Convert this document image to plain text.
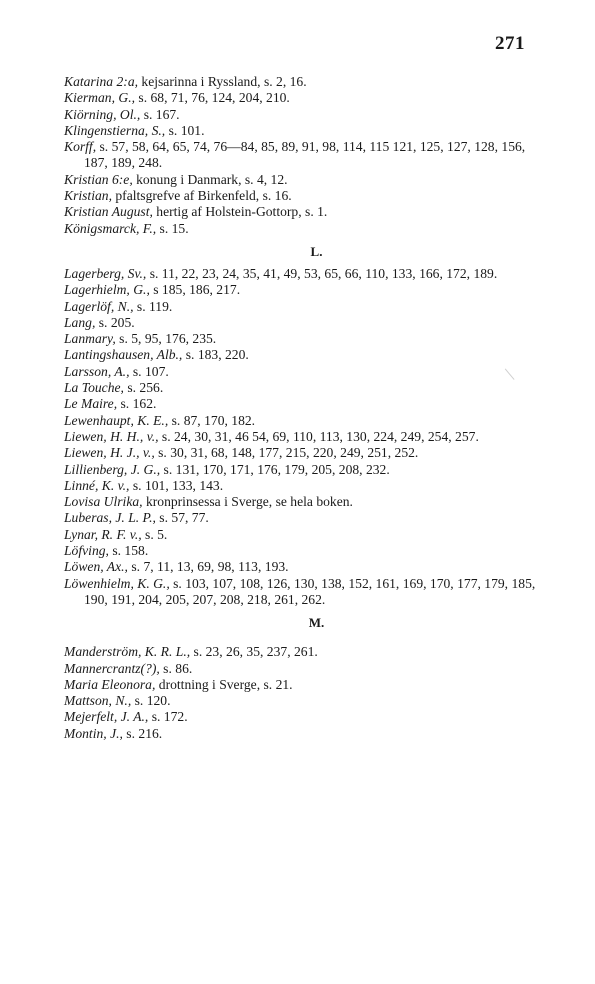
271
Katarina 2:a, kejsarinna i Ryssland, s. 2, 16.
Kierman, G., s. 68, 71, 76, 124, 204, 210.
Kiörning, Ol., s. 167.
Klingenstierna, S., s. 101.
Korff, s. 57, 58, 64, 65, 74, 76—84, 85, 89, 91, 98, 114, 115 121, 125, 127, 128, 156, 187, 189, 248.
Kristian 6:e, konung i Danmark, s. 4, 12.
Kristian, pfaltsgrefve af Birkenfeld, s. 16.
Kristian August, hertig af Holstein-Gottorp, s. 1.
Königsmarck, F., s. 15.
L.
Lagerberg, Sv., s. 11, 22, 23, 24, 35, 41, 49, 53, 65, 66, 110, 133, 166, 172, 189.
Lagerhielm, G., s 185, 186, 217.
Lagerlöf, N., s. 119.
Lang, s. 205.
Lanmary, s. 5, 95, 176, 235.
Lantingshausen, Alb., s. 183, 220.
Larsson, A., s. 107.
La Touche, s. 256.
Le Maire, s. 162.
Lewenhaupt, K. E., s. 87, 170, 182.
Liewen, H. H., v., s. 24, 30, 31, 46 54, 69, 110, 113, 130, 224, 249, 254, 257.
Liewen, H. J., v., s. 30, 31, 68, 148, 177, 215, 220, 249, 251, 252.
Lillienberg, J. G., s. 131, 170, 171, 176, 179, 205, 208, 232.
Linné, K. v., s. 101, 133, 143.
Lovisa Ulrika, kronprinsessa i Sverge, se hela boken.
Luberas, J. L. P., s. 57, 77.
Lynar, R. F. v., s. 5.
Löfving, s. 158.
Löwen, Ax., s. 7, 11, 13, 69, 98, 113, 193.
Löwenhielm, K. G., s. 103, 107, 108, 126, 130, 138, 152, 161, 169, 170, 177, 179, 185, 190, 191, 204, 205, 207, 208, 218, 261, 262.
M.
Manderström, K. R. L., s. 23, 26, 35, 237, 261.
Mannercrantz(?), s. 86.
Maria Eleonora, drottning i Sverge, s. 21.
Mattson, N., s. 120.
Mejerfelt, J. A., s. 172.
Montin, J., s. 216.
